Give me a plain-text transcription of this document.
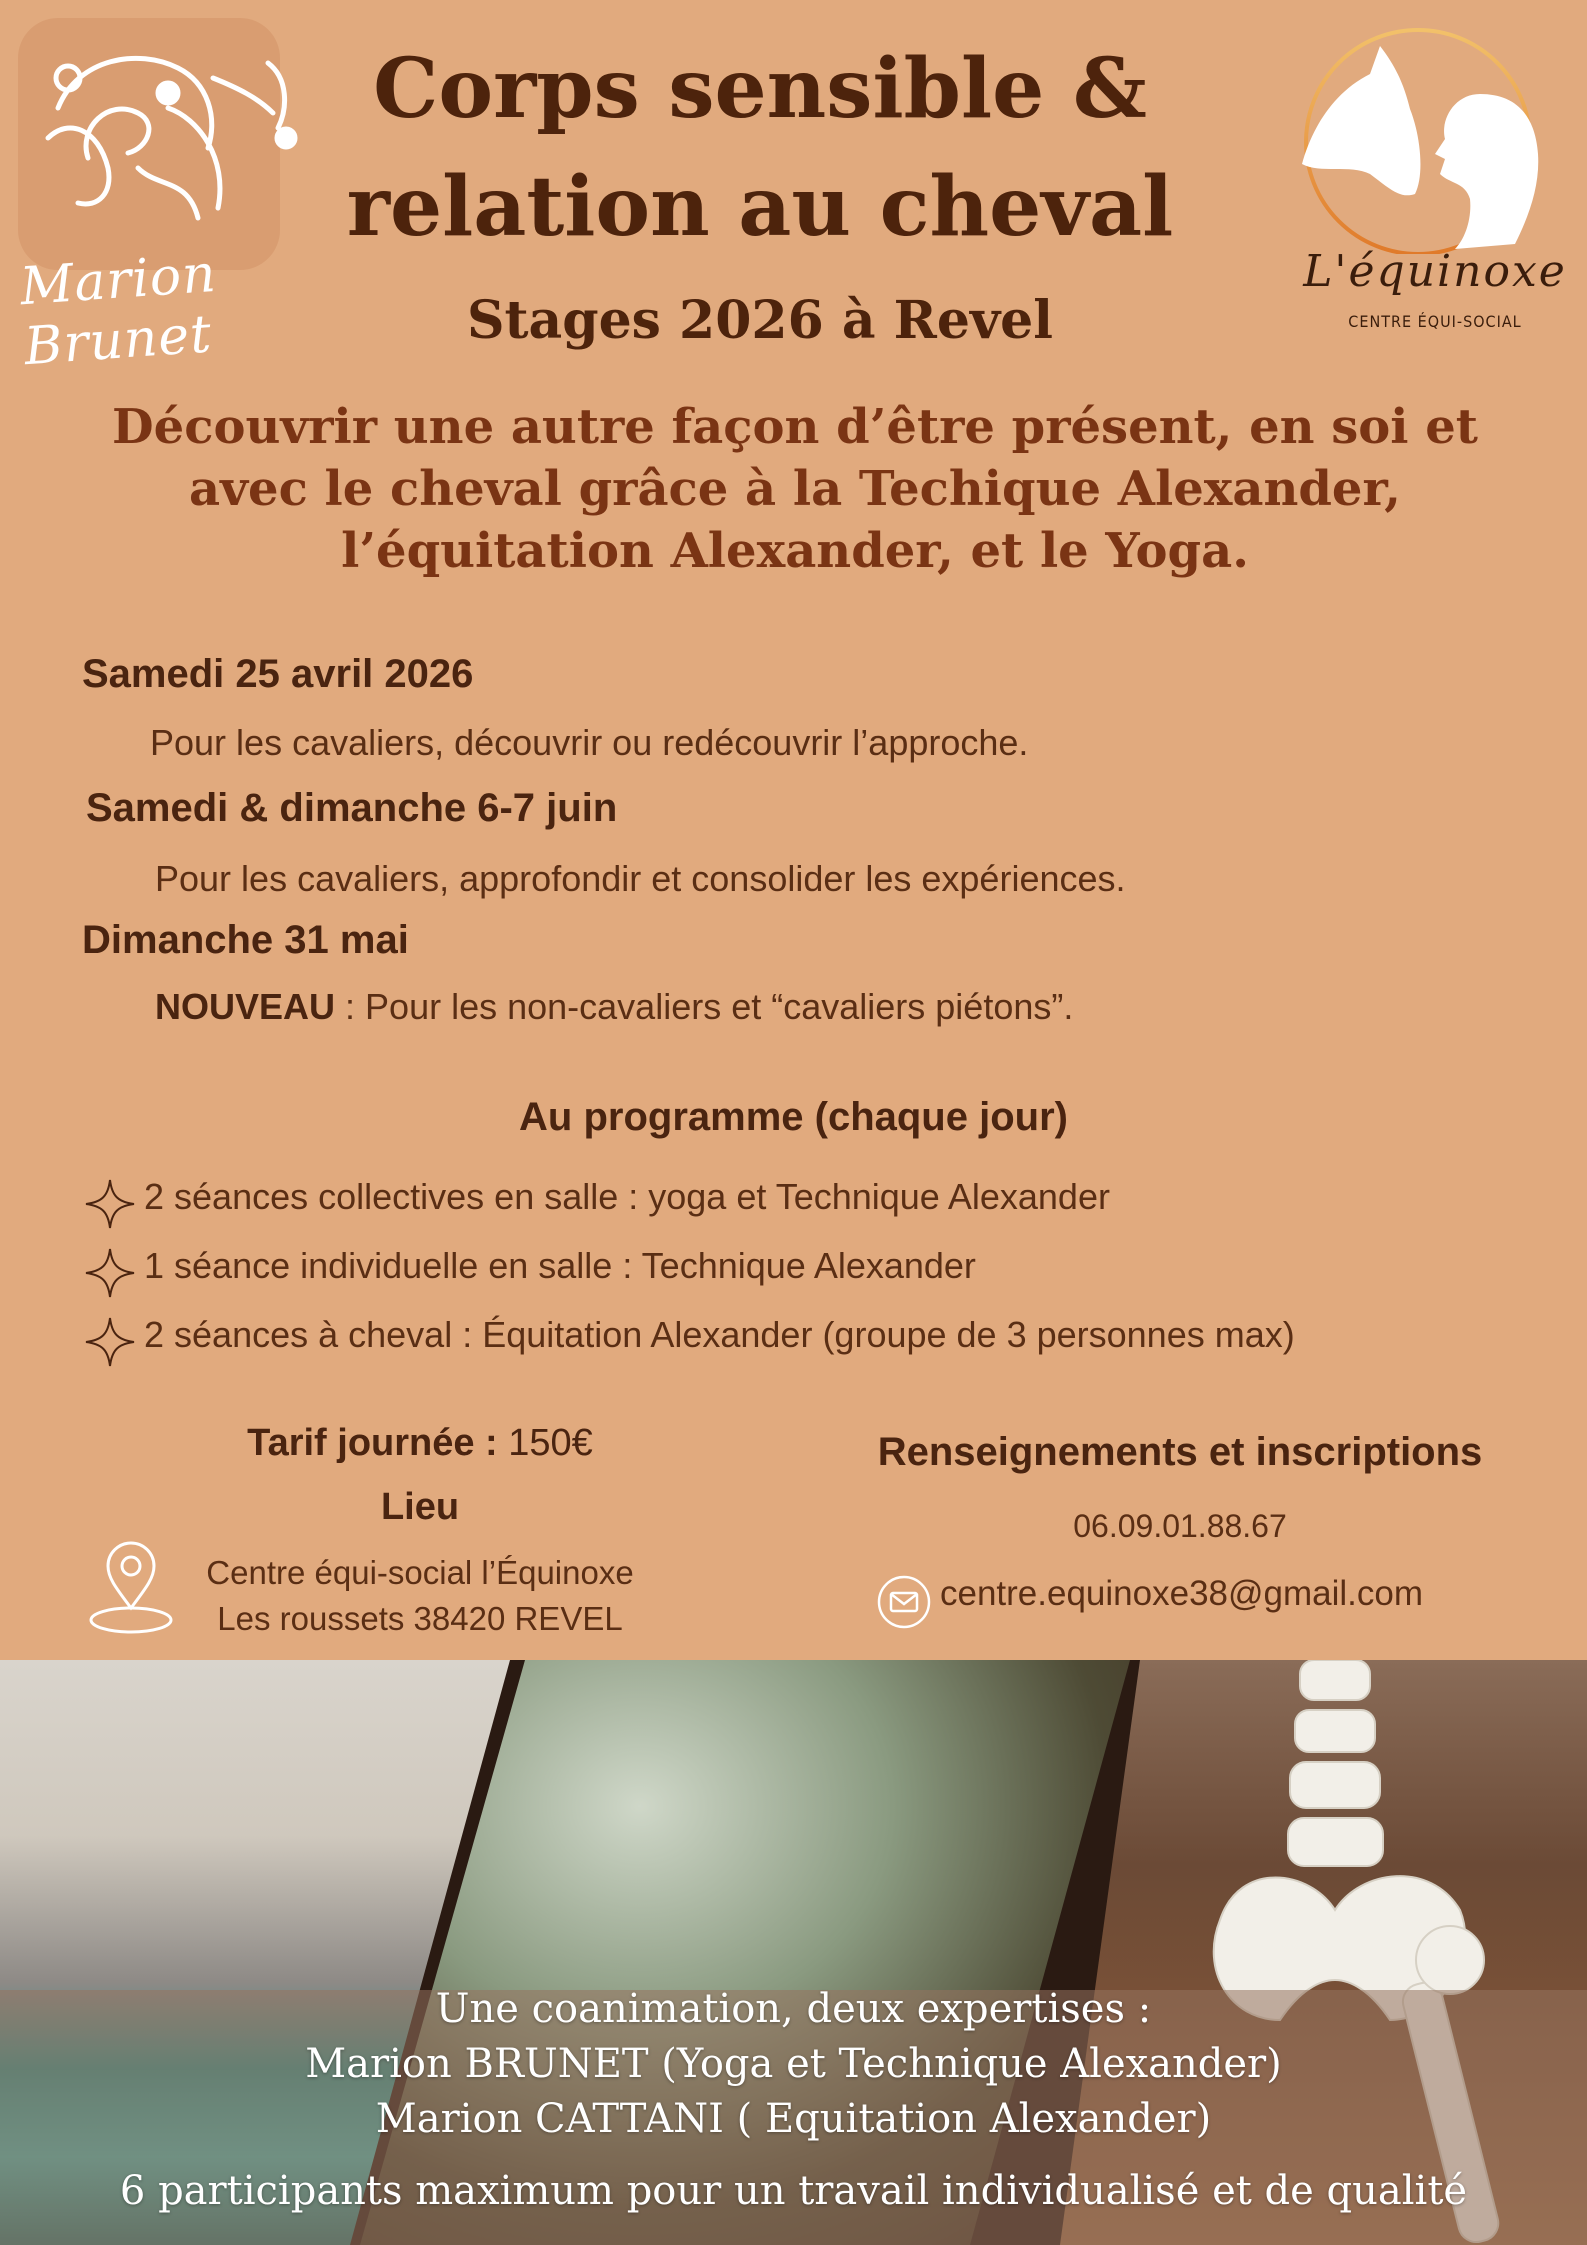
Marion Brunet
Corps sensible &
relation au cheval
Stages 2026 à Revel
L'équinoxe
CENTRE ÉQUI-SOCIAL
Découvrir une autre façon d’être présent, en soi et
avec le cheval grâce à la Techique Alexander,
l’équitation Alexander, et le Yoga.
Samedi 25 avril 2026
Pour les cavaliers, découvrir ou redécouvrir l’approche.
Samedi & dimanche 6-7 juin
Pour les cavaliers, approfondir et consolider les expériences.
Dimanche 31 mai
NOUVEAU : Pour les non-cavaliers et “cavaliers piétons”.
Au programme (chaque jour)
2 séances collectives en salle : yoga et Technique Alexander
1 séance individuelle en salle : Technique Alexander
2 séances à cheval : Équitation Alexander (groupe de 3 personnes max)
Tarif journée : 150€
Lieu
Centre équi-social l’Équinoxe
Les roussets 38420 REVEL
Renseignements et inscriptions
06.09.01.88.67
centre.equinoxe38@gmail.com
Une coanimation, deux expertises :
Marion BRUNET (Yoga et Technique Alexander)
Marion CATTANI ( Equitation Alexander)
6 participants maximum pour un travail individualisé et de qualité
